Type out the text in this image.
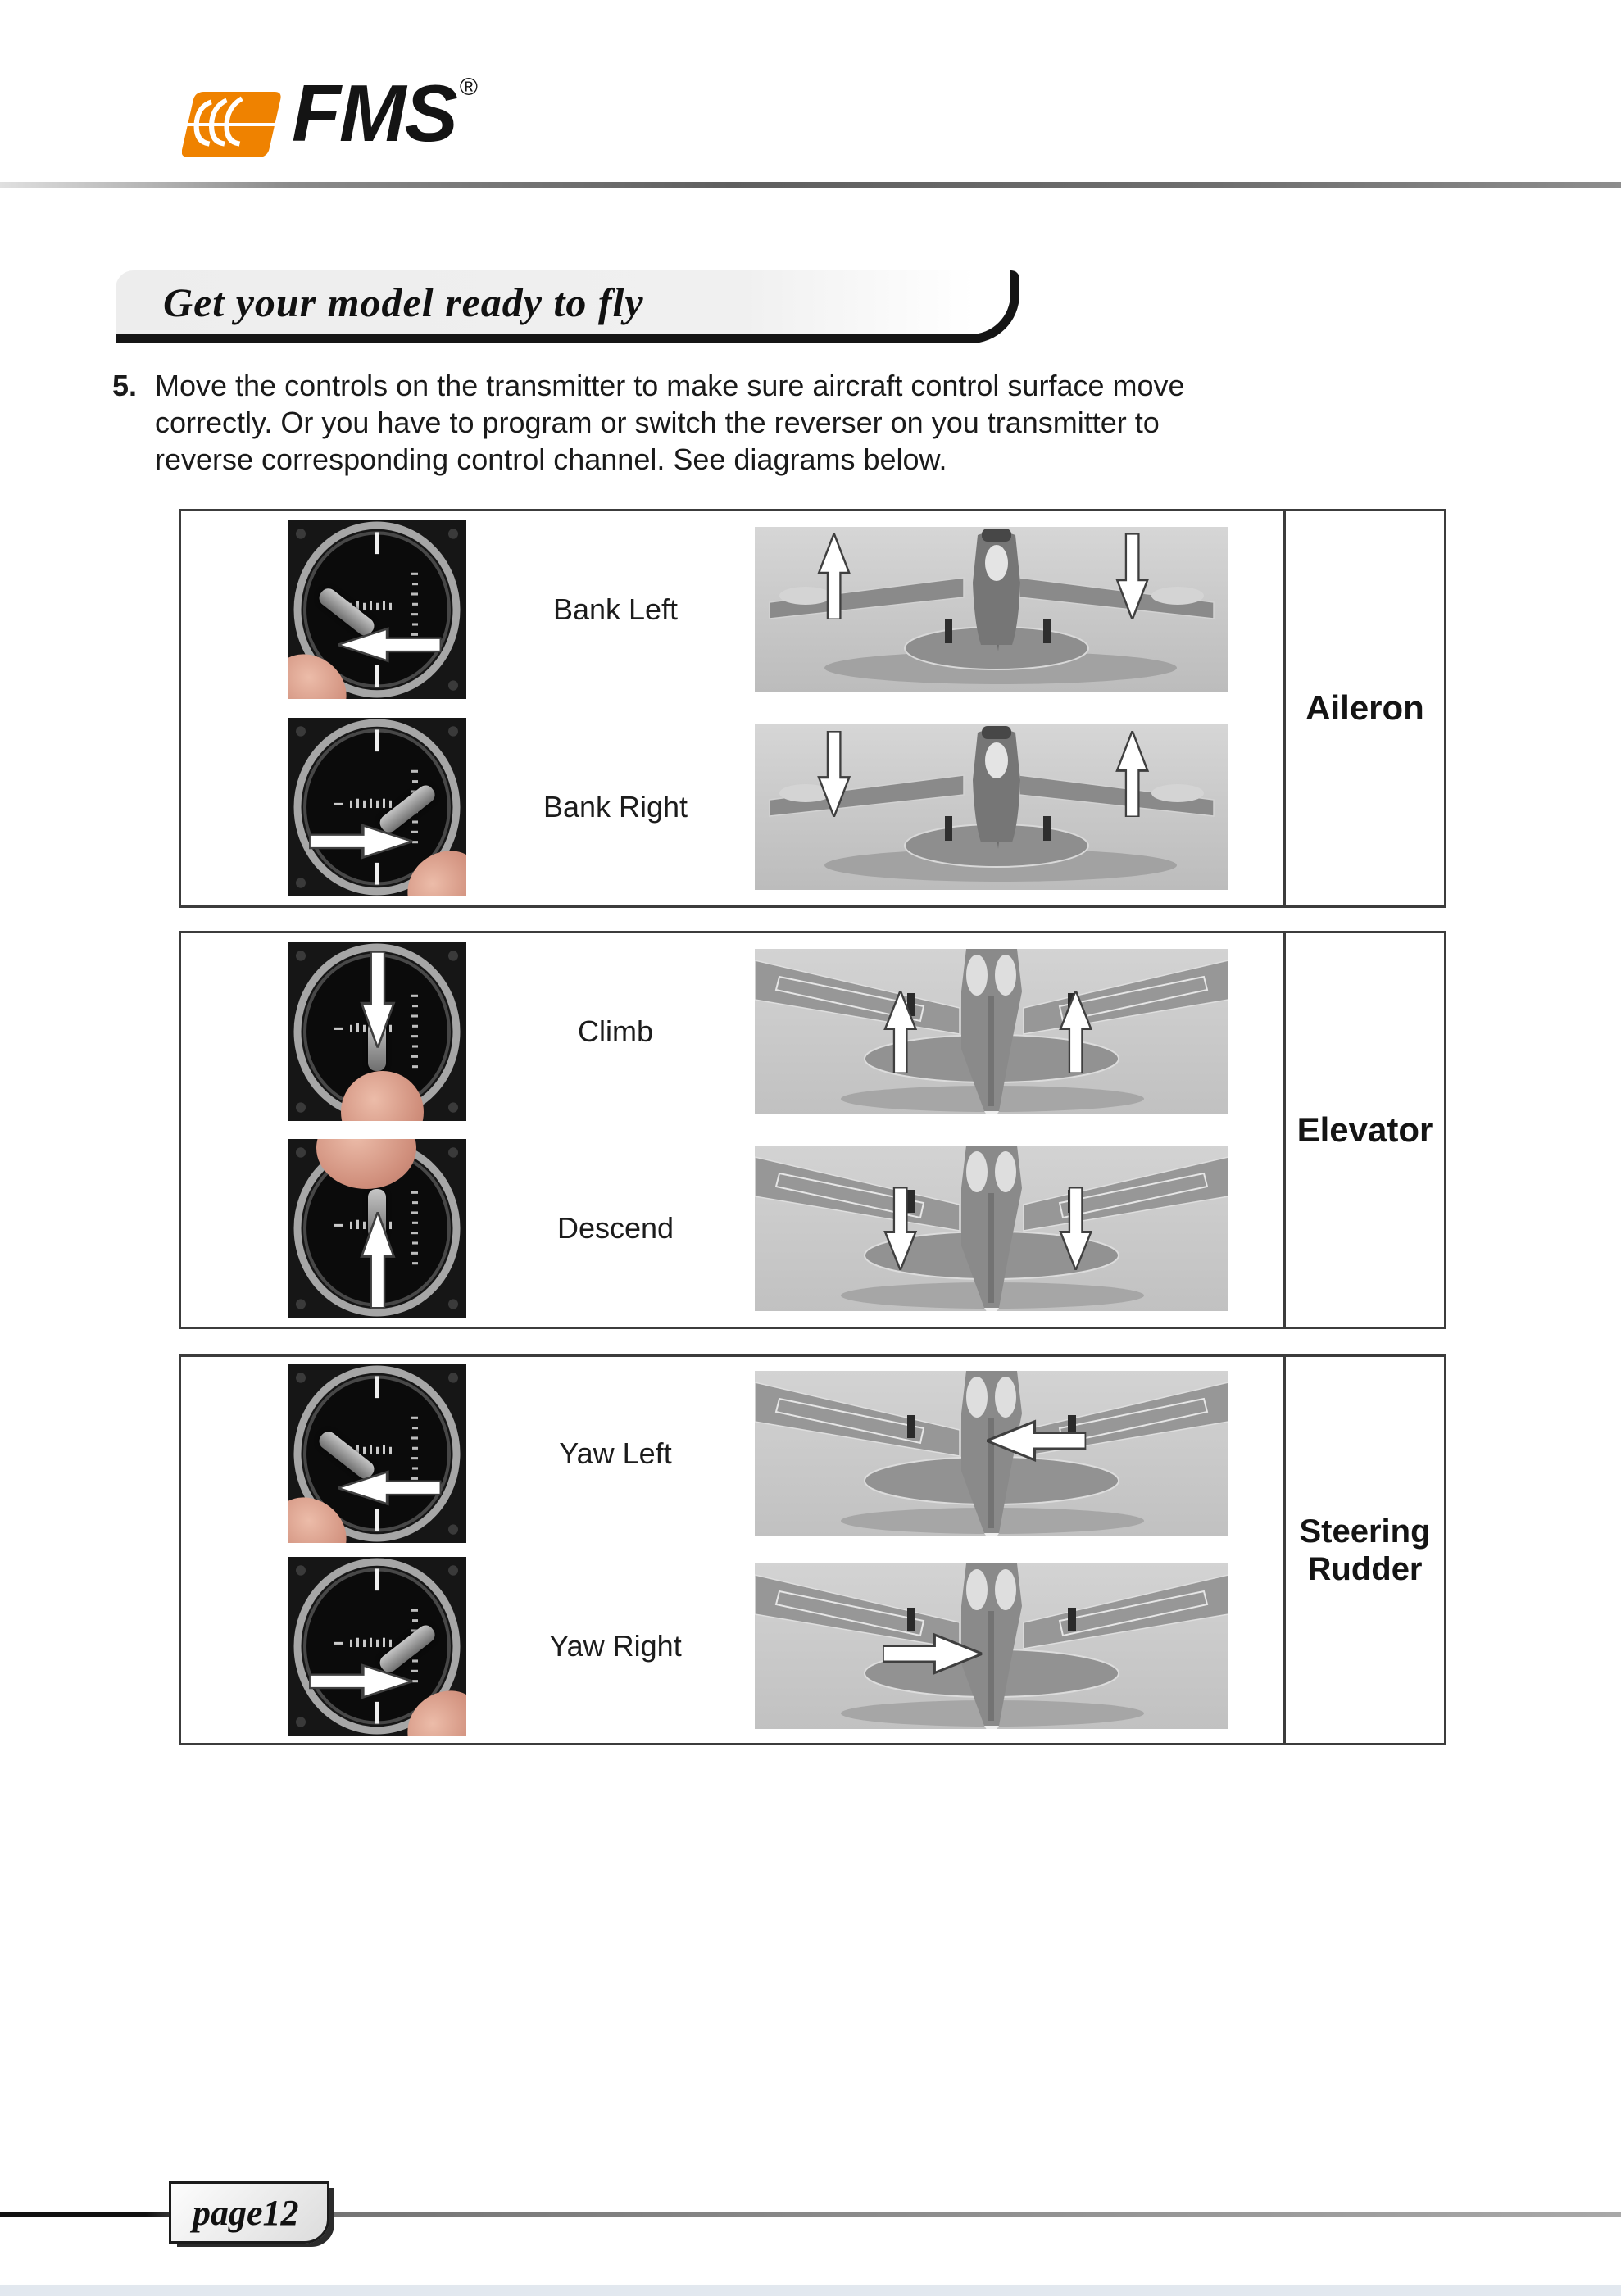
FMS ®
Get your model ready to fly
5. Move the controls on the transmitter to make sure aircraft control surface move
correctly. Or you have to program or switch the reverser on you transmitter to
reverse corresponding control channel. See diagrams below.
Bank Left
Bank Right
Aileron
Climb
Descend
Elevator
Yaw Left
Yaw Right
Steering
Rudder
page12
